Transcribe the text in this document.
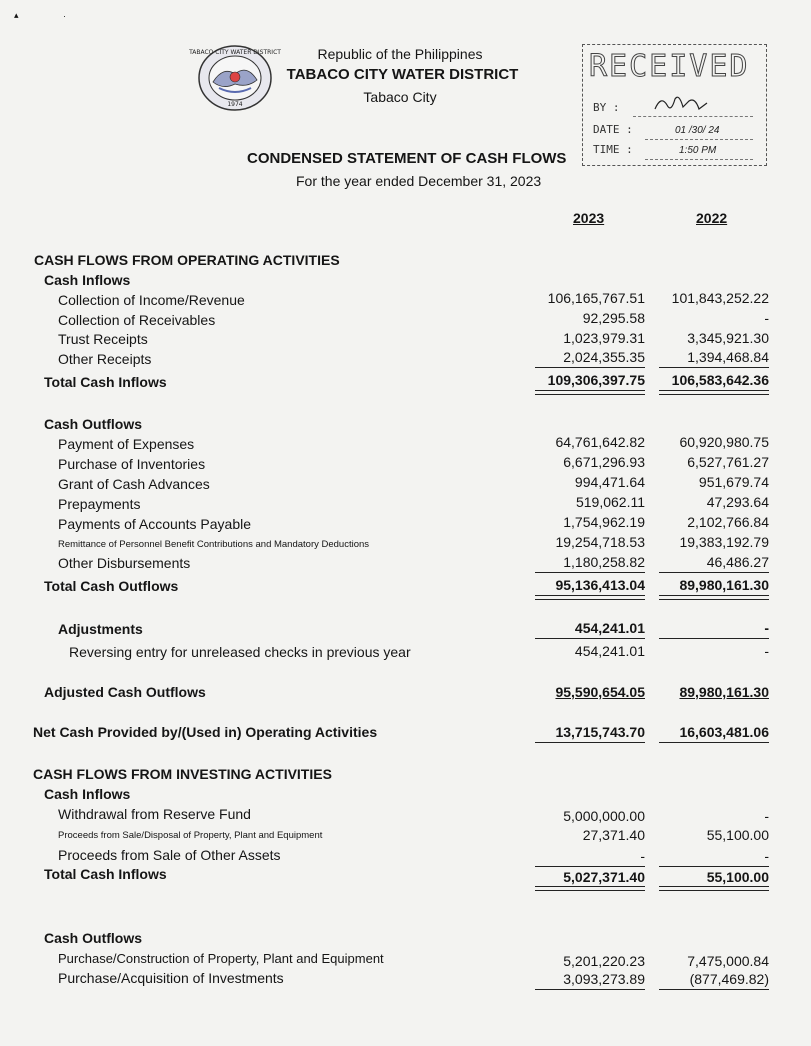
▴	·
1974
TABACO CITY WATER DISTRICT	Republic of the Philippines
TABACO CITY WATER DISTRICT
Tabaco City
RECEIVED
BY :
DATE :	01 /30/ 24
TIME :	1:50 PM
CONDENSED STATEMENT OF CASH FLOWS
For the year ended December 31, 2023
2023	2022
CASH FLOWS FROM OPERATING ACTIVITIES
Cash Inflows
Collection of Income/Revenue	106,165,767.51 101,843,252.22
Collection of Receivables	92,295.58	-
Trust Receipts	1,023,979.31	3,345,921.30
Other Receipts	2,024,355.35	1,394,468.84
Total Cash Inflows	109,306,397.75 106,583,642.36
Cash Outflows
Payment of Expenses	64,761,642.82 60,920,980.75
Purchase of Inventories	6,671,296.93	6,527,761.27
Grant of Cash Advances	994,471.64	951,679.74
Prepayments	519,062.11	47,293.64
Payments of Accounts Payable	1,754,962.19	2,102,766.84
Remittance of Personnel Benefit Contributions and Mandatory Deductions	19,254,718.53 19,383,192.79
Other Disbursements	1,180,258.82	46,486.27
Total Cash Outflows	95,136,413.04 89,980,161.30
Adjustments	454,241.01	-
Reversing entry for unreleased checks in previous year	454,241.01	-
Adjusted Cash Outflows	95,590,654.05 89,980,161.30
Net Cash Provided by/(Used in) Operating Activities	13,715,743.70 16,603,481.06
CASH FLOWS FROM INVESTING ACTIVITIES
Cash Inflows
Withdrawal from Reserve Fund	5,000,000.00	-
Proceeds from Sale/Disposal of Property, Plant and Equipment	27,371.40	55,100.00
Proceeds from Sale of Other Assets	-	-
Total Cash Inflows	5,027,371.40	55,100.00
Cash Outflows
Purchase/Construction of Property, Plant and Equipment	5,201,220.23	7,475,000.84
Purchase/Acquisition of Investments	3,093,273.89	(877,469.82)
